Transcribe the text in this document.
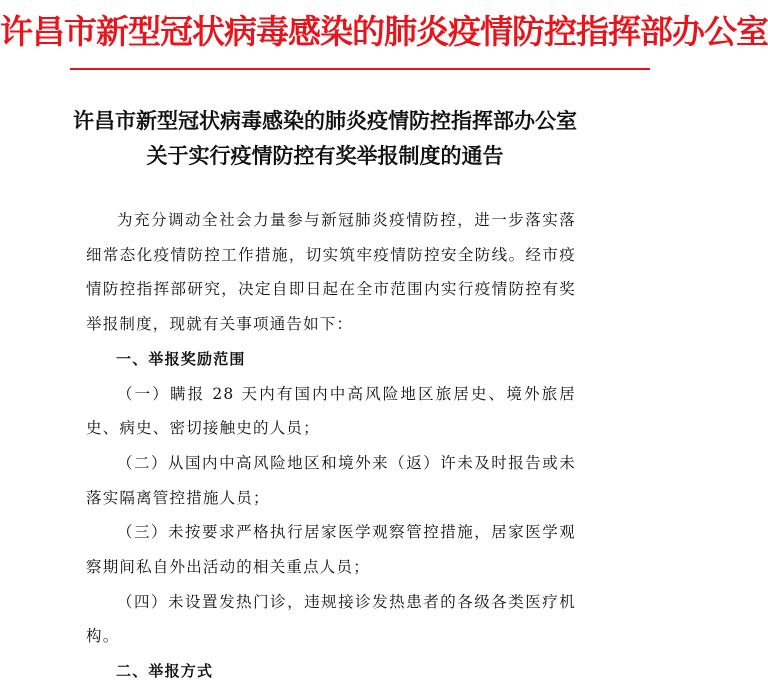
许昌市新型冠状病毒感染的肺炎疫情防控指挥部办公室
许昌市新型冠状病毒感染的肺炎疫情防控指挥部办公室
关于实行疫情防控有奖举报制度的通告

为充分调动全社会力量参与新冠肺炎疫情防控，进一步落实落细常态化疫情防控工作措施，切实筑牢疫情防控安全防线。经市疫情防控指挥部研究，决定自即日起在全市范围内实行疫情防控有奖举报制度，现就有关事项通告如下：

一、举报奖励范围

（一）瞒报 28 天内有国内中高风险地区旅居史、境外旅居史、病史、密切接触史的人员；

（二）从国内中高风险地区和境外来（返）许未及时报告或未落实隔离管控措施人员；

（三）未按要求严格执行居家医学观察管控措施，居家医学观察期间私自外出活动的相关重点人员；

（四）未设置发热门诊，违规接诊发热患者的各级各类医疗机构。

二、举报方式
